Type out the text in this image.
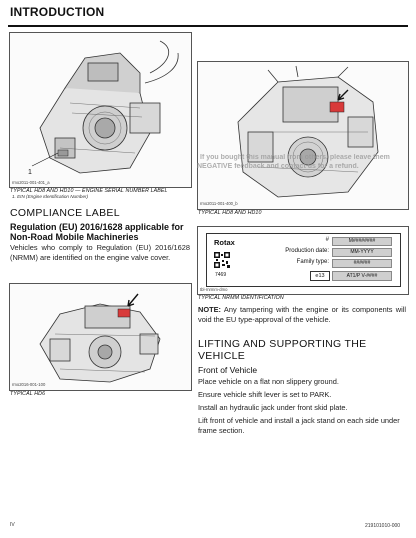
INTRODUCTION
1
rmo2011-001-401_a
TYPICAL HD8 AND HD10 — ENGINE SERIAL NUMBER LABEL
1. EIN (Engine Identification Number)
rmo2011-001-400_b
TYPICAL HD8 AND HD10
If you bought this manual from others, please leave them
NEGATIVE feedback and contact us for a refund.
COMPLIANCE LABEL
Regulation (EU) 2016/1628 applicable for Non-Road Mobile Machineries
Vehicles who comply to Regulation (EU) 2016/1628 (NRMM) are identified on the engine valve cover.
rmo2016-001-100
TYPICAL HD6
Rotax
7469
#	M########
Production date:	MM-YYYY
Family type:	######
e13	AT1/P V-####
tbl-rnrmm-dmo
TYPICAL NRMM IDENTIFICATION
NOTE: Any tampering with the engine or its components will void the EU type-approval of the vehicle.
LIFTING AND SUPPORTING THE
VEHICLE
Front of Vehicle
Place vehicle on a flat non slippery ground.
Ensure vehicle shift lever is set to PARK.
Install an hydraulic jack under front skid plate.
Lift front of vehicle and install a jack stand on each side under frame section.
IV	219101010-000
